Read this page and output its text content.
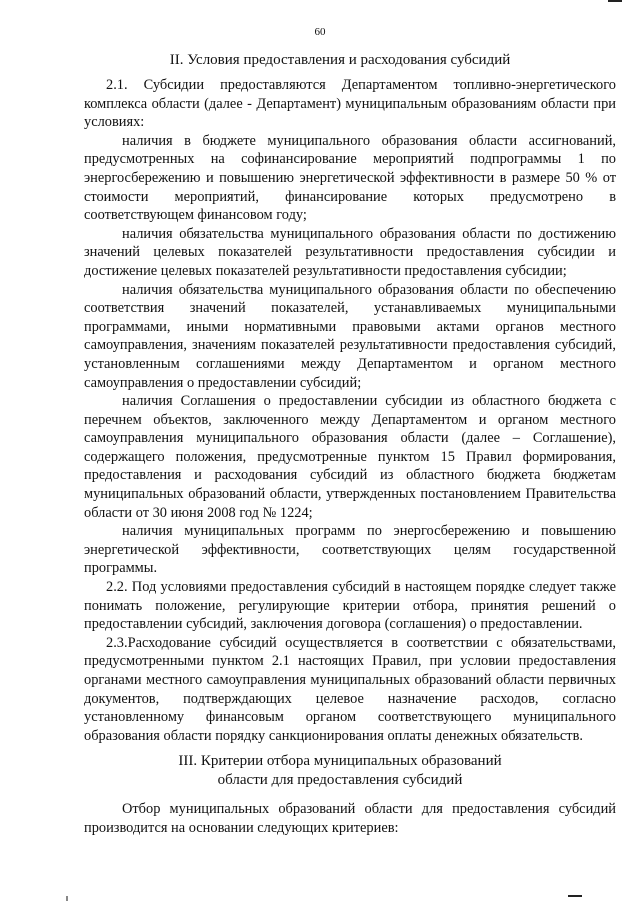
60
II. Условия предоставления и расходования субсидий

2.1. Субсидии предоставляются Департаментом топливно-энергетического комплекса области (далее - Департамент) муниципальным образованиям области при условиях:

наличия в бюджете муниципального образования области ассигнований, предусмотренных на софинансирование мероприятий подпрограммы 1 по энергосбережению и повышению энергетической эффективности в размере 50 % от стоимости мероприятий, финансирование которых предусмотрено в соответствующем финансовом году;

наличия обязательства муниципального образования области по достижению значений целевых показателей результативности предоставления субсидии и достижение целевых показателей результативности предоставления субсидии;

наличия обязательства муниципального образования области по обеспечению соответствия значений показателей, устанавливаемых муниципальными программами, иными нормативными правовыми актами органов местного самоуправления, значениям показателей результативности предоставления субсидий, установленным соглашениями между Департаментом и органом местного самоуправления о предоставлении субсидий;

наличия Соглашения о предоставлении субсидии из областного бюджета с перечнем объектов, заключенного между Департаментом и органом местного самоуправления муниципального образования области (далее – Соглашение), содержащего положения, предусмотренные пунктом 15 Правил формирования, предоставления и расходования субсидий из областного бюджета бюджетам муниципальных образований области, утвержденных постановлением Правительства области от 30 июня 2008 год № 1224;

наличия муниципальных программ по энергосбережению и повышению энергетической эффективности, соответствующих целям государственной программы.

2.2. Под условиями предоставления субсидий в настоящем порядке следует также понимать положение, регулирующие критерии отбора, принятия решений о предоставлении субсидий, заключения договора (соглашения) о предоставлении.

2.3.Расходование субсидий осуществляется в соответствии с обязательствами, предусмотренными пунктом 2.1 настоящих Правил, при условии предоставления органами местного самоуправления муниципальных образований области первичных документов, подтверждающих целевое назначение расходов, согласно установленному финансовым органом соответствующего муниципального образования области порядку санкционирования оплаты денежных обязательств.

III. Критерии отбора муниципальных образований
области для предоставления субсидий

Отбор муниципальных образований области для предоставления субсидий производится на основании следующих критериев:
